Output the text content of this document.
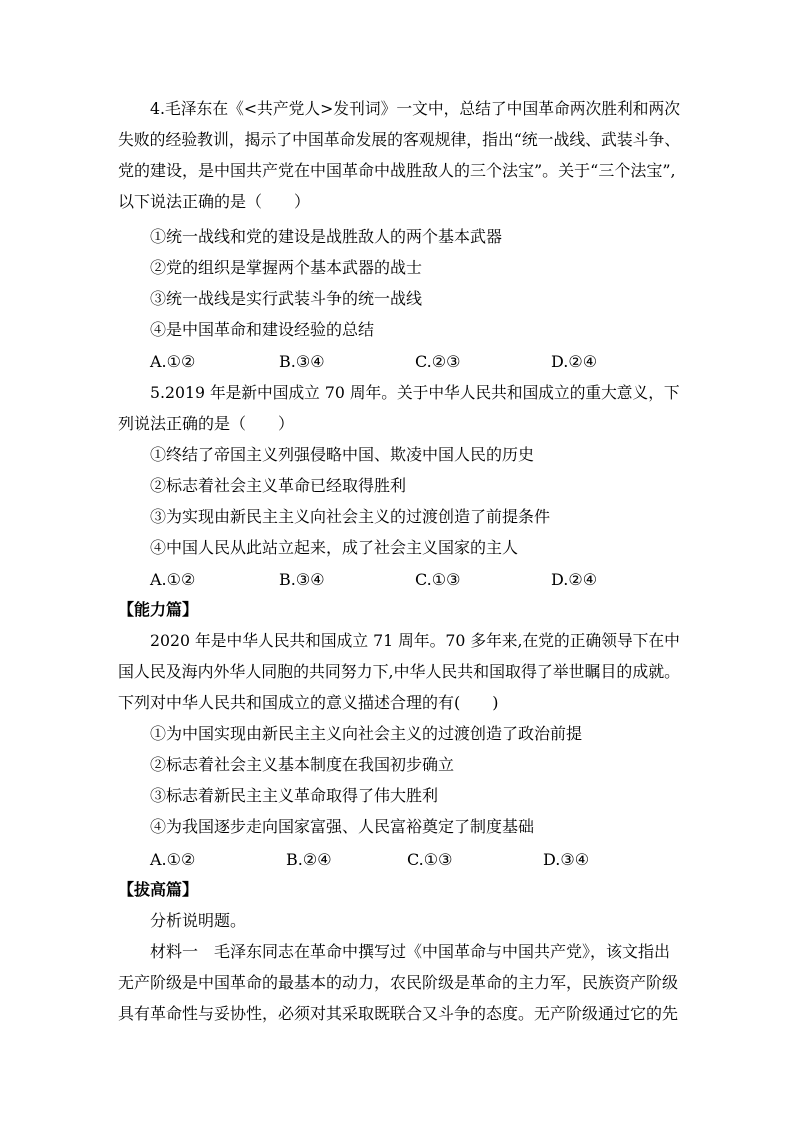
4.毛泽东在《<共产党人>发刊词》一文中，总结了中国革命两次胜利和两次
失败的经验教训，揭示了中国革命发展的客观规律，指出“统一战线、武装斗争、
党的建设，是中国共产党在中国革命中战胜敌人的三个法宝”。关于“三个法宝”,
以下说法正确的是（　　）
①统一战线和党的建设是战胜敌人的两个基本武器
②党的组织是掌握两个基本武器的战士
③统一战线是实行武装斗争的统一战线
④是中国革命和建设经验的总结
A.①②	B.③④	C.②③	D.②④
5.2019 年是新中国成立 70 周年。关于中华人民共和国成立的重大意义，下
列说法正确的是（　　）
①终结了帝国主义列强侵略中国、欺凌中国人民的历史
②标志着社会主义革命已经取得胜利
③为实现由新民主主义向社会主义的过渡创造了前提条件
④中国人民从此站立起来，成了社会主义国家的主人
A.①②	B.③④	C.①③	D.②④
【能力篇】
2020 年是中华人民共和国成立 71 周年。70 多年来,在党的正确领导下在中
国人民及海内外华人同胞的共同努力下,中华人民共和国取得了举世瞩目的成就。
下列对中华人民共和国成立的意义描述合理的有(　　)
①为中国实现由新民主主义向社会主义的过渡创造了政治前提
②标志着社会主义基本制度在我国初步确立
③标志着新民主主义革命取得了伟大胜利
④为我国逐步走向国家富强、人民富裕奠定了制度基础
A.①②	B.②④	C.①③	D.③④
【拔高篇】
分析说明题。
材料一　毛泽东同志在革命中撰写过《中国革命与中国共产党》，该文指出
无产阶级是中国革命的最基本的动力，农民阶级是革命的主力军，民族资产阶级
具有革命性与妥协性，必须对其采取既联合又斗争的态度。无产阶级通过它的先
